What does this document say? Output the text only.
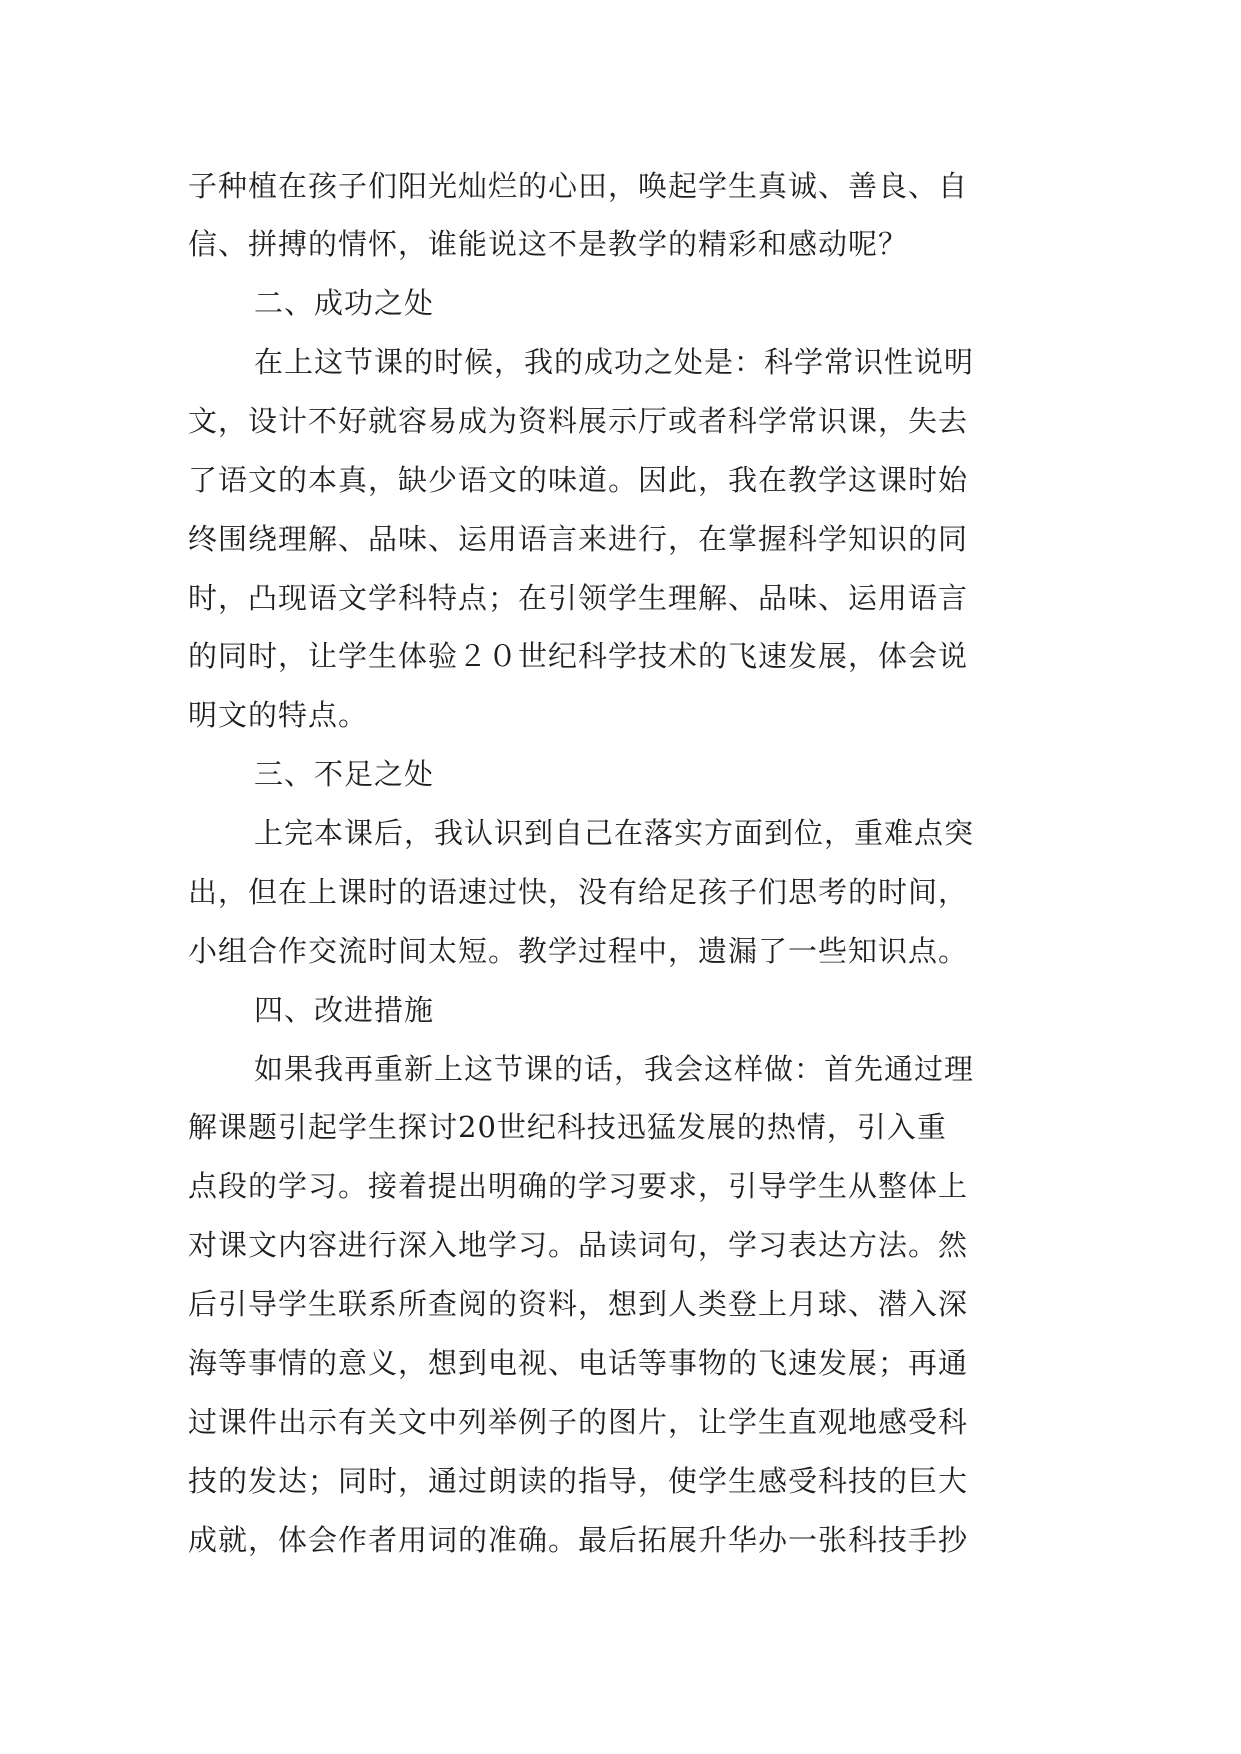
子种植在孩子们阳光灿烂的心田，唤起学生真诚、善良、自
信、拼搏的情怀，谁能说这不是教学的精彩和感动呢？
二、成功之处
在上这节课的时候，我的成功之处是：科学常识性说明
文，设计不好就容易成为资料展示厅或者科学常识课，失去
了语文的本真，缺少语文的味道。因此，我在教学这课时始
终围绕理解、品味、运用语言来进行，在掌握科学知识的同
时，凸现语文学科特点；在引领学生理解、品味、运用语言
的同时，让学生体验２０世纪科学技术的飞速发展，体会说
明文的特点。
三、不足之处
上完本课后，我认识到自己在落实方面到位，重难点突
出，但在上课时的语速过快，没有给足孩子们思考的时间，
小组合作交流时间太短。教学过程中，遗漏了一些知识点。
四、改进措施
如果我再重新上这节课的话，我会这样做：首先通过理
解课题引起学生探讨20世纪科技迅猛发展的热情，引入重
点段的学习。接着提出明确的学习要求，引导学生从整体上
对课文内容进行深入地学习。品读词句，学习表达方法。然
后引导学生联系所查阅的资料，想到人类登上月球、潜入深
海等事情的意义，想到电视、电话等事物的飞速发展；再通
过课件出示有关文中列举例子的图片，让学生直观地感受科
技的发达；同时，通过朗读的指导，使学生感受科技的巨大
成就，体会作者用词的准确。最后拓展升华办一张科技手抄
